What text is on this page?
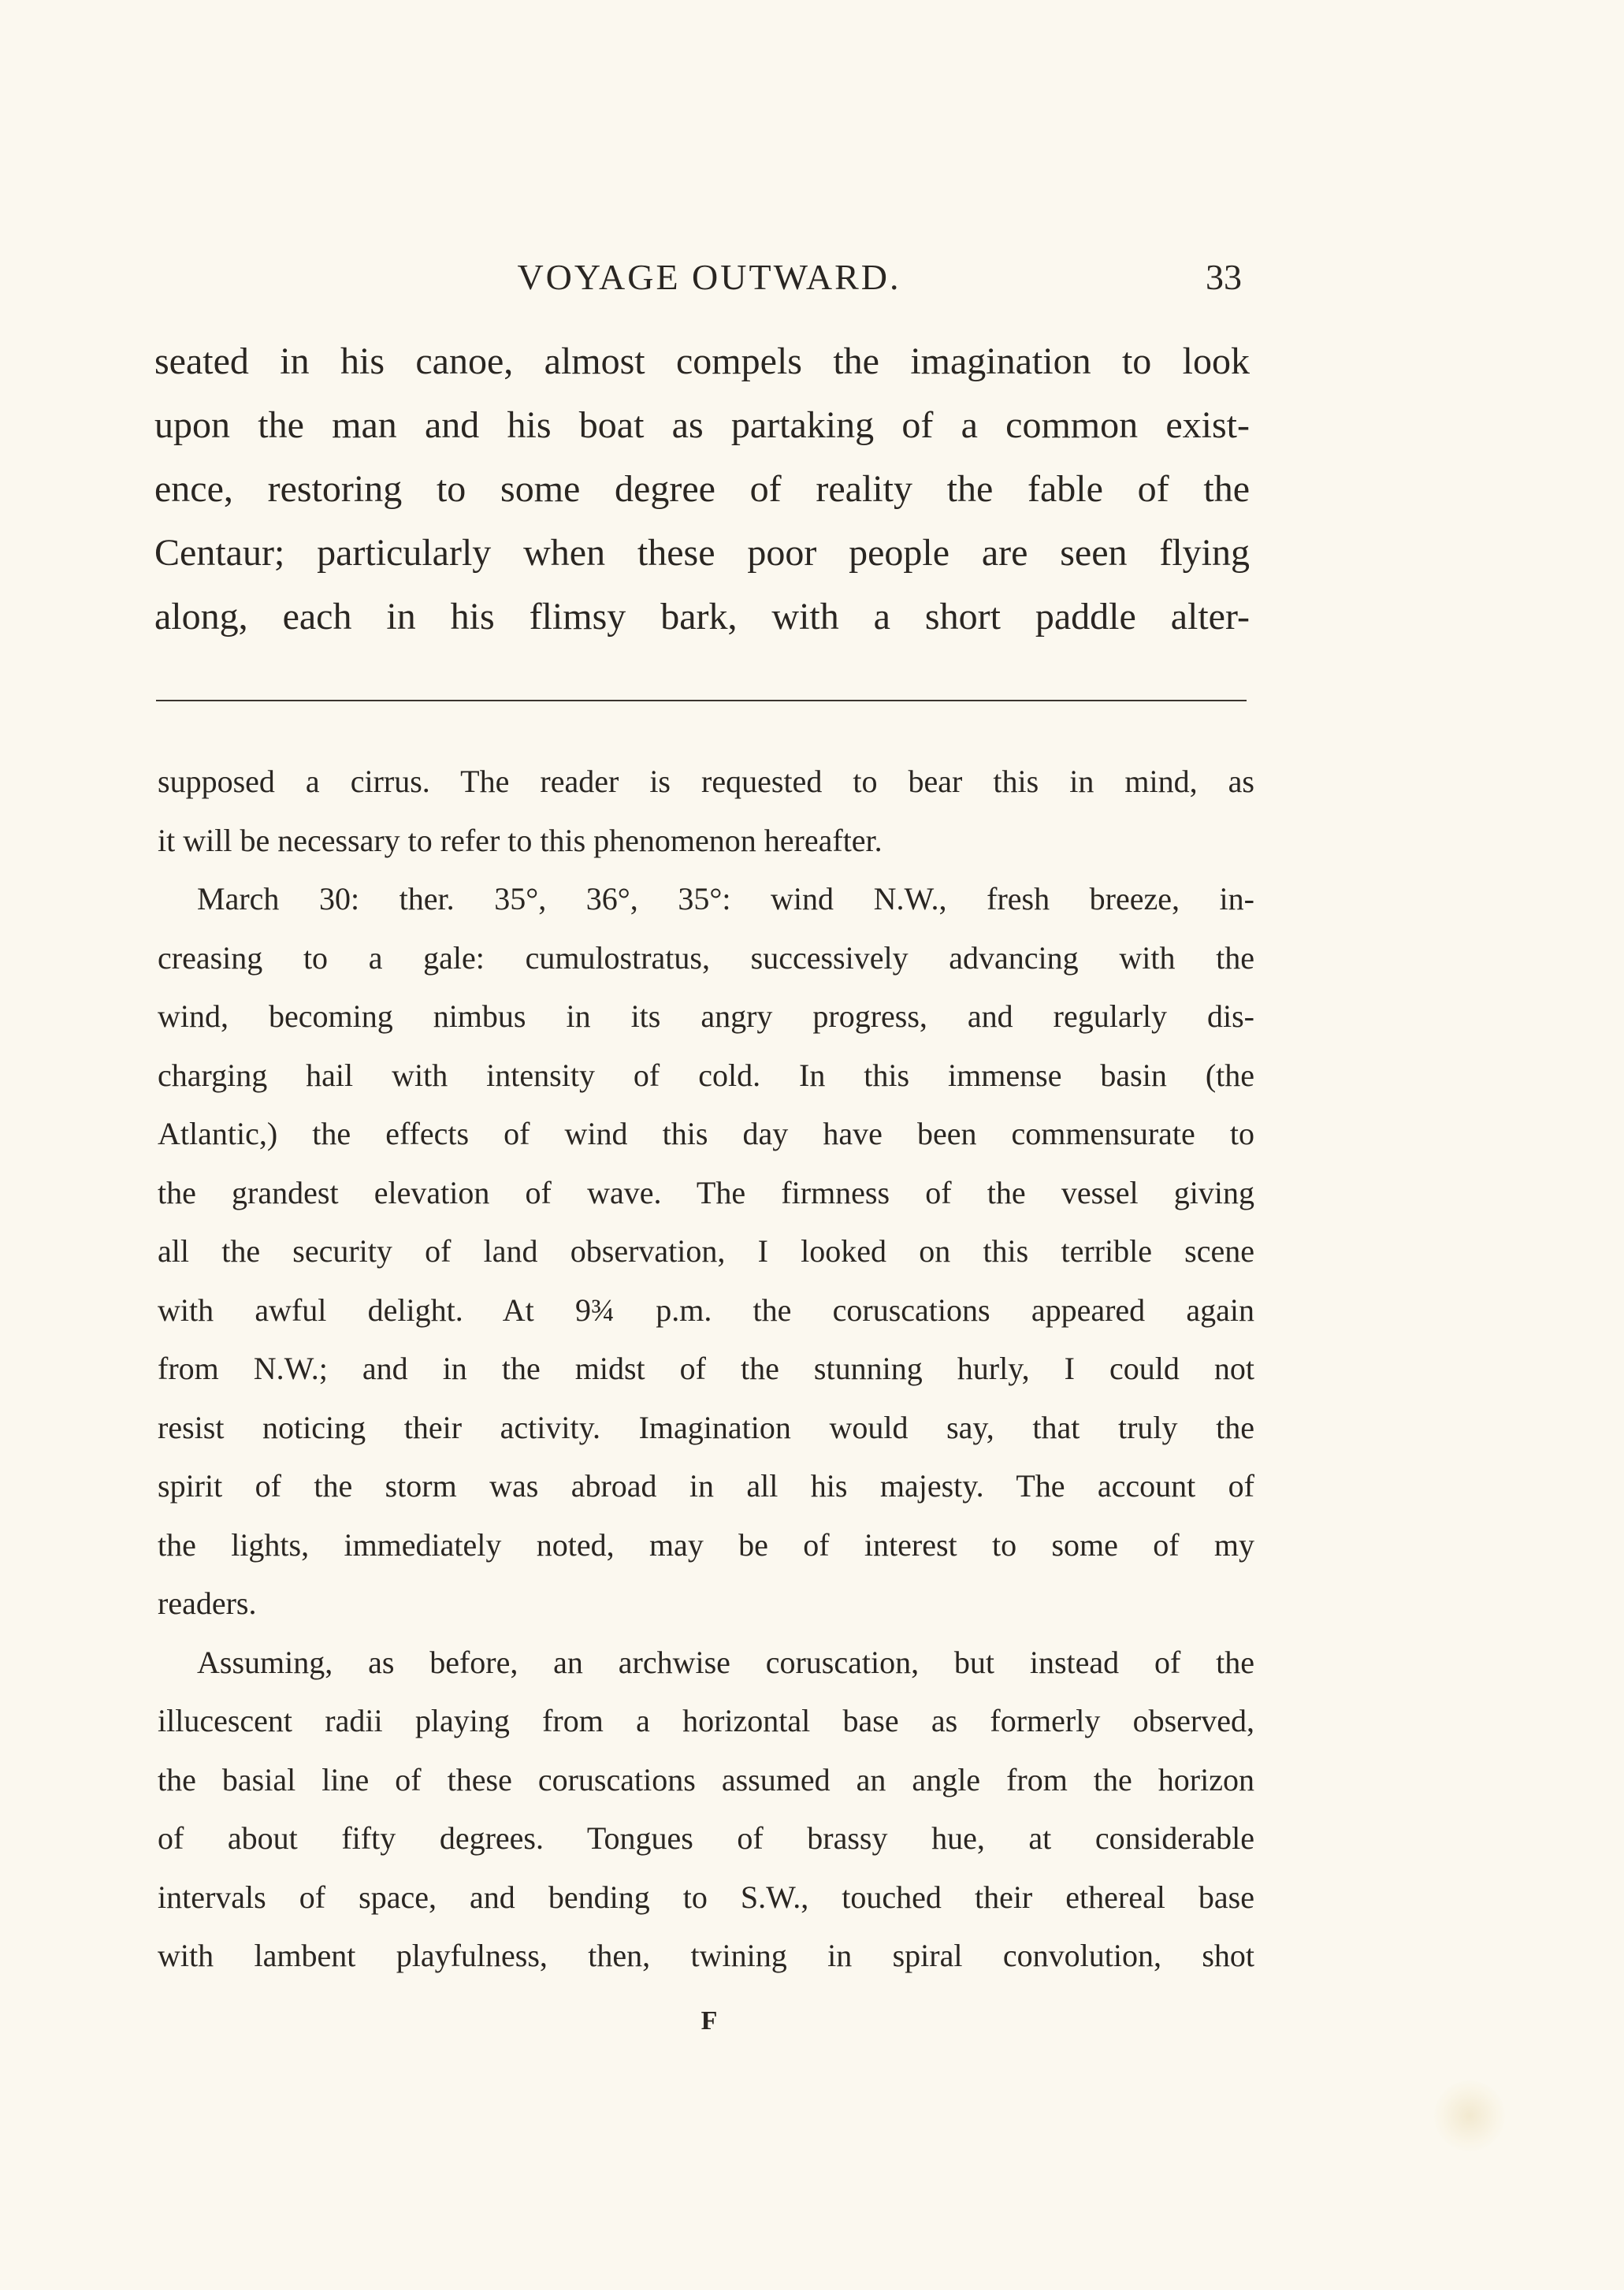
VOYAGE OUTWARD.	33
seated in his canoe, almost compels the imagination to look
upon the man and his boat as partaking of a common exist-
ence, restoring to some degree of reality the fable of the
Centaur; particularly when these poor people are seen flying
along, each in his flimsy bark, with a short paddle alter-
supposed a cirrus. The reader is requested to bear this in mind, as
it will be necessary to refer to this phenomenon hereafter.
March 30: ther. 35°, 36°, 35°: wind N.W., fresh breeze, in-
creasing to a gale: cumulostratus, successively advancing with the
wind, becoming nimbus in its angry progress, and regularly dis-
charging hail with intensity of cold. In this immense basin (the
Atlantic,) the effects of wind this day have been commensurate to
the grandest elevation of wave. The firmness of the vessel giving
all the security of land observation, I looked on this terrible scene
with awful delight. At 9¾ p.m. the coruscations appeared again
from N.W.; and in the midst of the stunning hurly, I could not
resist noticing their activity. Imagination would say, that truly the
spirit of the storm was abroad in all his majesty. The account of
the lights, immediately noted, may be of interest to some of my
readers.
Assuming, as before, an archwise coruscation, but instead of the
illucescent radii playing from a horizontal base as formerly observed,
the basial line of these coruscations assumed an angle from the horizon
of about fifty degrees. Tongues of brassy hue, at considerable
intervals of space, and bending to S.W., touched their ethereal base
with lambent playfulness, then, twining in spiral convolution, shot
F
